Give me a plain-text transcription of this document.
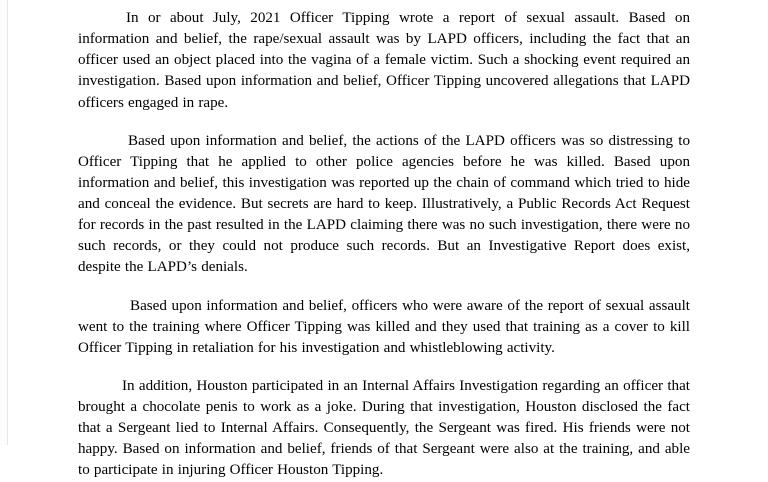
In or about July, 2021 Officer Tipping wrote a report of sexual assault. Based on information and belief, the rape/sexual assault was by LAPD officers, including the fact that an officer used an object placed into the vagina of a female victim. Such a shocking event required an investigation. Based upon information and belief, Officer Tipping uncovered allegations that LAPD officers engaged in rape.

Based upon information and belief, the actions of the LAPD officers was so distressing to Officer Tipping that he applied to other police agencies before he was killed. Based upon information and belief, this investigation was reported up the chain of command which tried to hide and conceal the evidence. But secrets are hard to keep. Illustratively, a Public Records Act Request for records in the past resulted in the LAPD claiming there was no such investigation, there were no such records, or they could not produce such records. But an Investigative Report does exist, despite the LAPD’s denials.

Based upon information and belief, officers who were aware of the report of sexual assault went to the training where Officer Tipping was killed and they used that training as a cover to kill Officer Tipping in retaliation for his investigation and whistleblowing activity.

In addition, Houston participated in an Internal Affairs Investigation regarding an officer that brought a chocolate penis to work as a joke. During that investigation, Houston disclosed the fact that a Sergeant lied to Internal Affairs. Consequently, the Sergeant was fired. His friends were not happy. Based on information and belief, friends of that Sergeant were also at the training, and able to participate in injuring Officer Houston Tipping.
